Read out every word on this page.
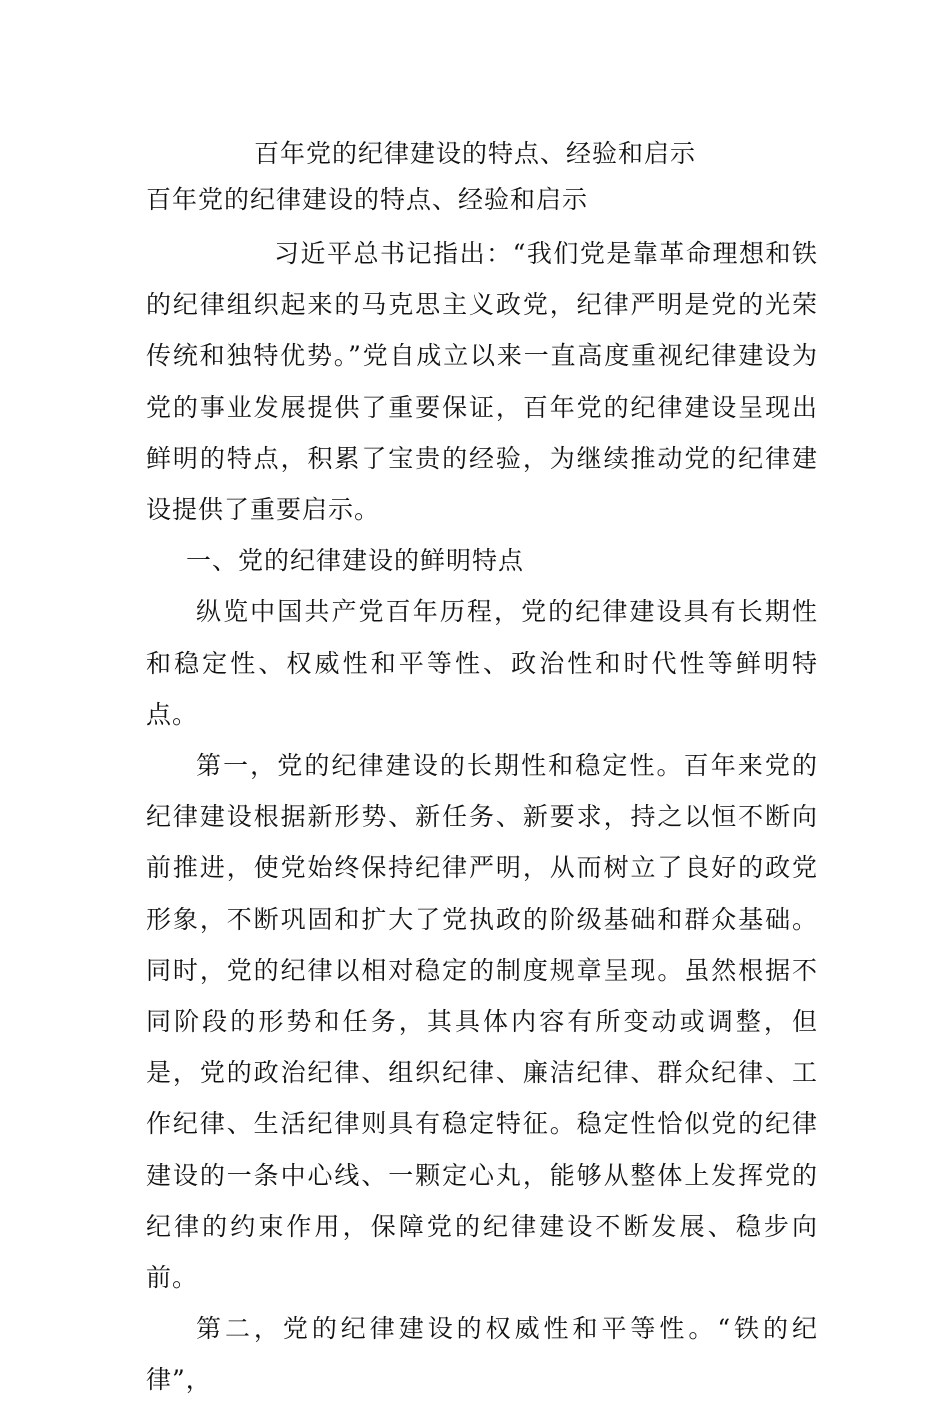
百年党的纪律建设的特点、经验和启示
百年党的纪律建设的特点、经验和启示

习近平总书记指出：“我们党是靠革命理想和铁的纪律组织起来的马克思主义政党，纪律严明是党的光荣传统和独特优势。”党自成立以来一直高度重视纪律建设为党的事业发展提供了重要保证，百年党的纪律建设呈现出鲜明的特点，积累了宝贵的经验，为继续推动党的纪律建设提供了重要启示。

一、党的纪律建设的鲜明特点

纵览中国共产党百年历程，党的纪律建设具有长期性和稳定性、权威性和平等性、政治性和时代性等鲜明特点。

第一，党的纪律建设的长期性和稳定性。百年来党的纪律建设根据新形势、新任务、新要求，持之以恒不断向前推进，使党始终保持纪律严明，从而树立了良好的政党形象，不断巩固和扩大了党执政的阶级基础和群众基础。同时，党的纪律以相对稳定的制度规章呈现。虽然根据不同阶段的形势和任务，其具体内容有所变动或调整，但是，党的政治纪律、组织纪律、廉洁纪律、群众纪律、工作纪律、生活纪律则具有稳定特征。稳定性恰似党的纪律建设的一条中心线、一颗定心丸，能够从整体上发挥党的纪律的约束作用，保障党的纪律建设不断发展、稳步向前。

第二，党的纪律建设的权威性和平等性。“铁的纪律”，
